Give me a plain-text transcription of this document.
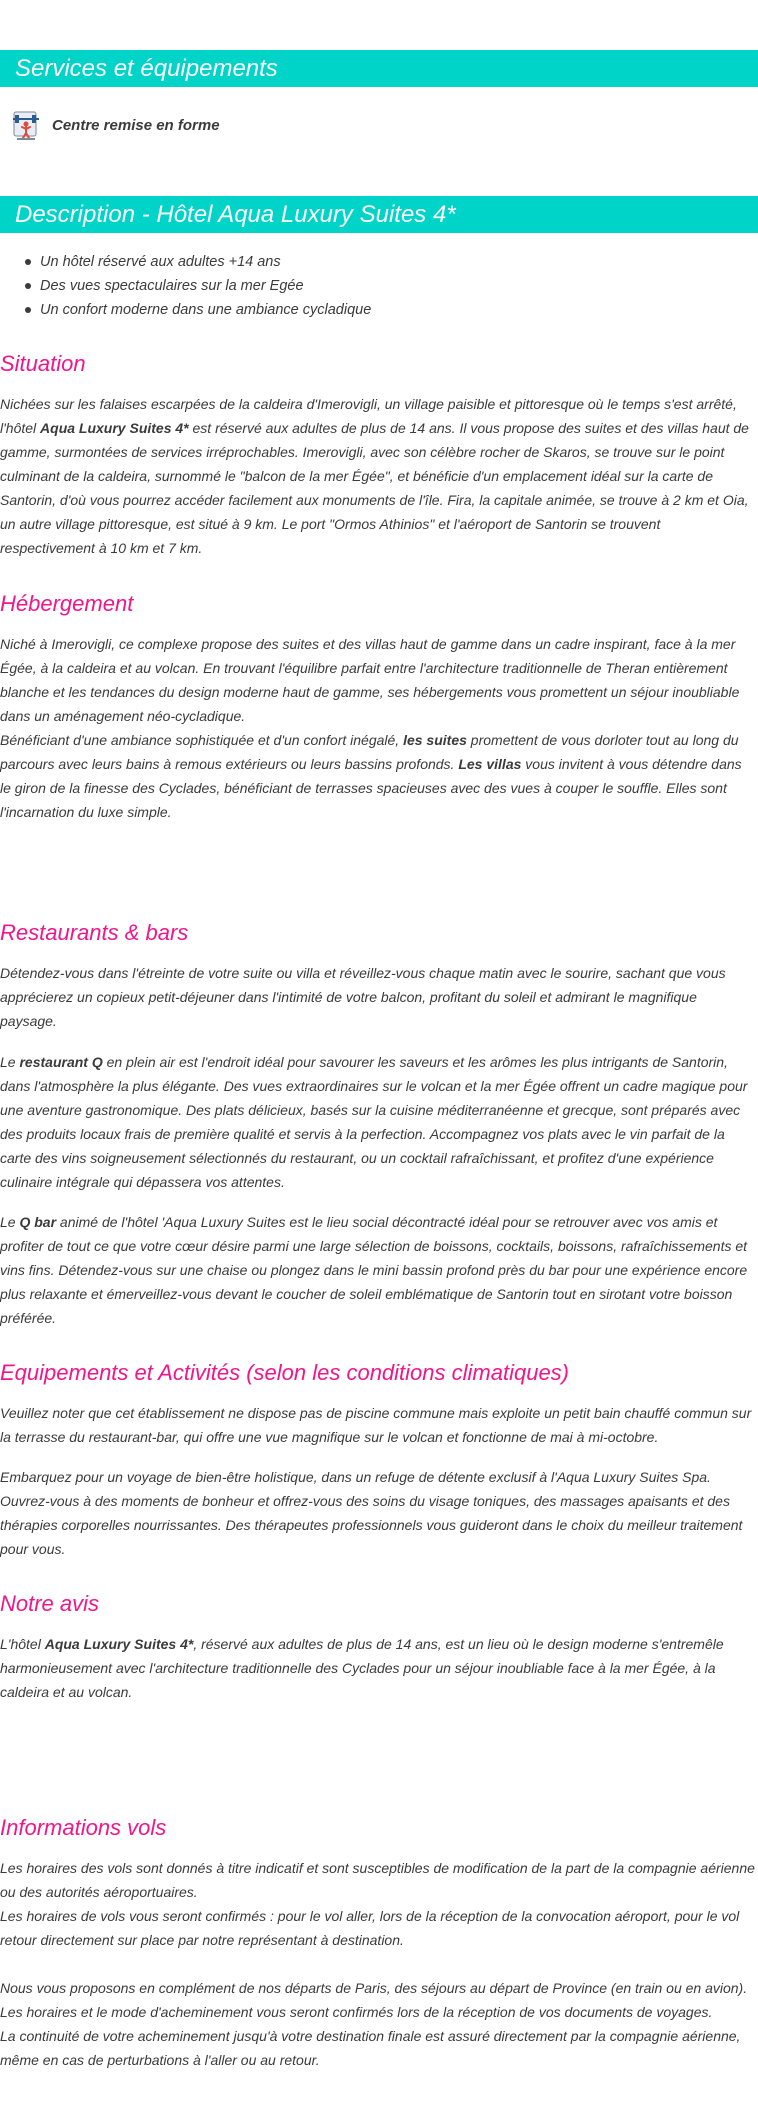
Services et équipements
Centre remise en forme
Description - Hôtel Aqua Luxury Suites 4*
Un hôtel réservé aux adultes +14 ans
Des vues spectaculaires sur la mer Egée
Un confort moderne dans une ambiance cycladique
Situation

Nichées sur les falaises escarpées de la caldeira d'Imerovigli, un village paisible et pittoresque où le temps s'est arrêté, l'hôtel Aqua Luxury Suites 4* est réservé aux adultes de plus de 14 ans. Il vous propose des suites et des villas haut de gamme, surmontées de services irréprochables. Imerovigli, avec son célèbre rocher de Skaros, se trouve sur le point culminant de la caldeira, surnommé le "balcon de la mer Égée", et bénéficie d'un emplacement idéal sur la carte de Santorin, d'où vous pourrez accéder facilement aux monuments de l'île. Fira, la capitale animée, se trouve à 2 km et Oia, un autre village pittoresque, est situé à 9 km. Le port "Ormos Athinios" et l'aéroport de Santorin se trouvent respectivement à 10 km et 7 km.

Hébergement

Niché à Imerovigli, ce complexe propose des suites et des villas haut de gamme dans un cadre inspirant, face à la mer Égée, à la caldeira et au volcan. En trouvant l'équilibre parfait entre l'architecture traditionnelle de Theran entièrement blanche et les tendances du design moderne haut de gamme, ses hébergements vous promettent un séjour inoubliable dans un aménagement néo-cycladique.

Bénéficiant d'une ambiance sophistiquée et d'un confort inégalé, les suites promettent de vous dorloter tout au long du parcours avec leurs bains à remous extérieurs ou leurs bassins profonds. Les villas vous invitent à vous détendre dans le giron de la finesse des Cyclades, bénéficiant de terrasses spacieuses avec des vues à couper le souffle. Elles sont l'incarnation du luxe simple.

Restaurants & bars

Détendez-vous dans l'étreinte de votre suite ou villa et réveillez-vous chaque matin avec le sourire, sachant que vous apprécierez un copieux petit-déjeuner dans l'intimité de votre balcon, profitant du soleil et admirant le magnifique paysage.

Le restaurant Q en plein air est l'endroit idéal pour savourer les saveurs et les arômes les plus intrigants de Santorin, dans l'atmosphère la plus élégante. Des vues extraordinaires sur le volcan et la mer Égée offrent un cadre magique pour une aventure gastronomique. Des plats délicieux, basés sur la cuisine méditerranéenne et grecque, sont préparés avec des produits locaux frais de première qualité et servis à la perfection. Accompagnez vos plats avec le vin parfait de la carte des vins soigneusement sélectionnés du restaurant, ou un cocktail rafraîchissant, et profitez d'une expérience culinaire intégrale qui dépassera vos attentes.

Le Q bar animé de l'hôtel 'Aqua Luxury Suites est le lieu social décontracté idéal pour se retrouver avec vos amis et profiter de tout ce que votre cœur désire parmi une large sélection de boissons, cocktails, boissons, rafraîchissements et vins fins. Détendez-vous sur une chaise ou plongez dans le mini bassin profond près du bar pour une expérience encore plus relaxante et émerveillez-vous devant le coucher de soleil emblématique de Santorin tout en sirotant votre boisson préférée.

Equipements et Activités (selon les conditions climatiques)

Veuillez noter que cet établissement ne dispose pas de piscine commune mais exploite un petit bain chauffé commun sur la terrasse du restaurant-bar, qui offre une vue magnifique sur le volcan et fonctionne de mai à mi-octobre.

Embarquez pour un voyage de bien-être holistique, dans un refuge de détente exclusif à l'Aqua Luxury Suites Spa. Ouvrez-vous à des moments de bonheur et offrez-vous des soins du visage toniques, des massages apaisants et des thérapies corporelles nourrissantes. Des thérapeutes professionnels vous guideront dans le choix du meilleur traitement pour vous.

Notre avis

L'hôtel Aqua Luxury Suites 4*, réservé aux adultes de plus de 14 ans, est un lieu où le design moderne s'entremêle harmonieusement avec l'architecture traditionnelle des Cyclades pour un séjour inoubliable face à la mer Égée, à la caldeira et au volcan.

Informations vols

Les horaires des vols sont donnés à titre indicatif et sont susceptibles de modification de la part de la compagnie aérienne ou des autorités aéroportuaires.

Les horaires de vols vous seront confirmés : pour le vol aller, lors de la réception de la convocation aéroport, pour le vol retour directement sur place par notre représentant à destination.

Nous vous proposons en complément de nos départs de Paris, des séjours au départ de Province (en train ou en avion).

Les horaires et le mode d'acheminement vous seront confirmés lors de la réception de vos documents de voyages.

La continuité de votre acheminement jusqu'à votre destination finale est assuré directement par la compagnie aérienne, même en cas de perturbations à l'aller ou au retour.
